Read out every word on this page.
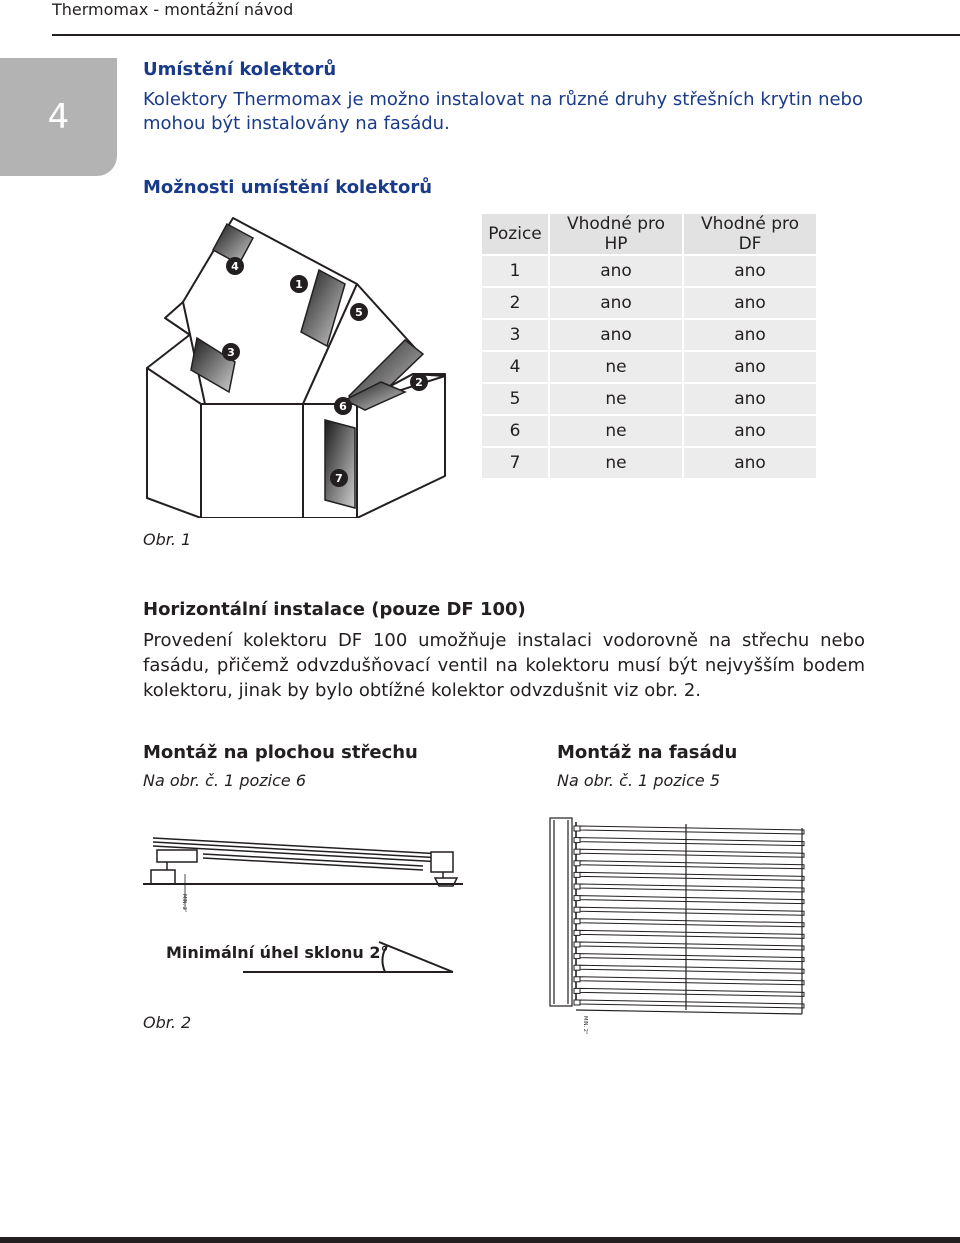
Thermomax - montážní návod
4
Umístění kolektorů
Kolektory Thermomax je možno instalovat na různé druhy střešních krytin nebo mohou být instalovány na fasádu.
Možnosti umístění kolektorů
4
1
5
3
2
6
7
Pozice	Vhodné pro HP	Vhodné pro DF
1	ano	ano
2	ano	ano
3	ano	ano
4	ne	ano
5	ne	ano
6	ne	ano
7	ne	ano
Obr. 1
Horizontální instalace (pouze DF 100)
Provedení kolektoru DF 100 umožňuje instalaci vodorovně na střechu nebo fasádu, přičemž odvzdušňovací ventil na kolektoru musí být nejvyšším bodem kolektoru, jinak by bylo obtížné kolektor odvzdušnit viz obr. 2.
Montáž na plochou střechu
Na obr. č. 1 pozice 6
Montáž na fasádu
Na obr. č. 1 pozice 5
MIN. 2°
Minimální úhel sklonu 2°
Obr. 2	MIN. 2°
